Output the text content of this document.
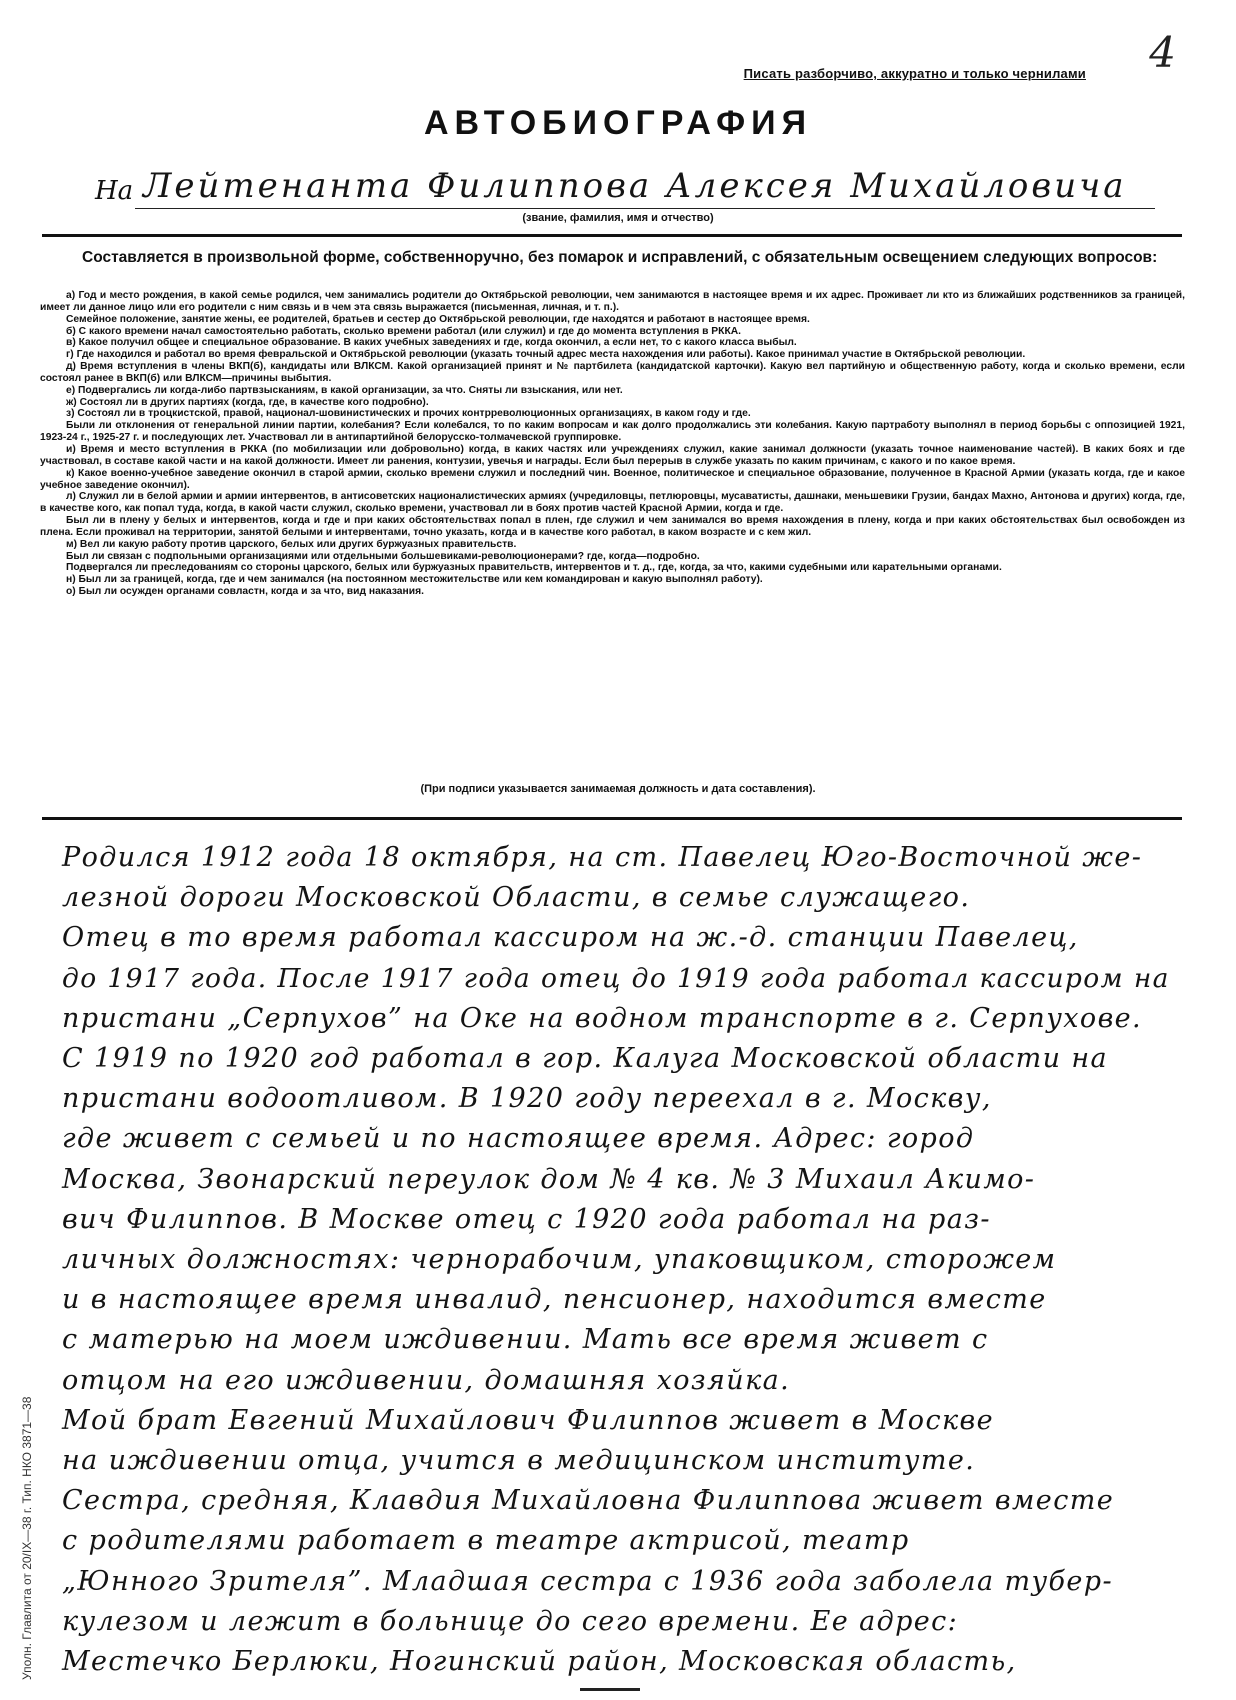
4
Писать разборчиво, аккуратно и только чернилами
АВТОБИОГРАФИЯ
На Лейтенанта Филиппова Алексея Михайловича
(звание, фамилия, имя и отчество)
Составляется в произвольной форме, собственноручно, без помарок и исправлений, с обязательным освещением следующих вопросов:

а) Год и место рождения, в какой семье родился, чем занимались родители до Октябрьской революции, чем занимаются в настоящее время и их адрес. Проживает ли кто из ближайших родственников за границей, имеет ли данное лицо или его родители с ним связь и в чем эта связь выражается (письменная, личная, и т. п.).

Семейное положение, занятие жены, ее родителей, братьев и сестер до Октябрьской революции, где находятся и работают в настоящее время.

б) С какого времени начал самостоятельно работать, сколько времени работал (или служил) и где до момента вступления в РККА.

в) Какое получил общее и специальное образование. В каких учебных заведениях и где, когда окончил, а если нет, то с какого класса выбыл.

г) Где находился и работал во время февральской и Октябрьской революции (указать точный адрес места нахождения или работы). Какое принимал участие в Октябрьской революции.

д) Время вступления в члены ВКП(б), кандидаты или ВЛКСМ. Какой организацией принят и № партбилета (кандидатской карточки). Какую вел партийную и общественную работу, когда и сколько времени, если состоял ранее в ВКП(б) или ВЛКСМ—причины выбытия.

е) Подвергались ли когда-либо партвзысканиям, в какой организации, за что. Сняты ли взыскания, или нет.

ж) Состоял ли в других партиях (когда, где, в качестве кого подробно).

з) Состоял ли в троцкистской, правой, национал-шовинистических и прочих контрреволюционных организациях, в каком году и где.

Были ли отклонения от генеральной линии партии, колебания? Если колебался, то по каким вопросам и как долго продолжались эти колебания. Какую партработу выполнял в период борьбы с оппозицией 1921, 1923-24 г., 1925-27 г. и последующих лет. Участвовал ли в антипартийной белорусско-толмачевской группировке.

и) Время и место вступления в РККА (по мобилизации или добровольно) когда, в каких частях или учреждениях служил, какие занимал должности (указать точное наименование частей). В каких боях и где участвовал, в составе какой части и на какой должности. Имеет ли ранения, контузии, увечья и награды. Если был перерыв в службе указать по каким причинам, с какого и по какое время.

к) Какое военно-учебное заведение окончил в старой армии, сколько времени служил и последний чин. Военное, политическое и специальное образование, полученное в Красной Армии (указать когда, где и какое учебное заведение окончил).

л) Служил ли в белой армии и армии интервентов, в антисоветских националистических армиях (учредиловцы, петлюровцы, мусаватисты, дашнаки, меньшевики Грузии, бандах Махно, Антонова и других) когда, где, в качестве кого, как попал туда, когда, в какой части служил, сколько времени, участвовал ли в боях против частей Красной Армии, когда и где.

Был ли в плену у белых и интервентов, когда и где и при каких обстоятельствах попал в плен, где служил и чем занимался во время нахождения в плену, когда и при каких обстоятельствах был освобожден из плена. Если проживал на территории, занятой белыми и интервентами, точно указать, когда и в качестве кого работал, в каком возрасте и с кем жил.

м) Вел ли какую работу против царского, белых или других буржуазных правительств.

Был ли связан с подпольными организациями или отдельными большевиками-революционерами? где, когда—подробно.

Подвергался ли преследованиям со стороны царского, белых или буржуазных правительств, интервентов и т. д., где, когда, за что, какими судебными или карательными органами.

н) Был ли за границей, когда, где и чем занимался (на постоянном местожительстве или кем командирован и какую выполнял работу).

о) Был ли осужден органами совластн, когда и за что, вид наказания.

(При подписи указывается занимаемая должность и дата составления).
Родился 1912 года 18 октября, на ст. Павелец Юго-Восточной же-
лезной дороги Московской Области, в семье служащего.
Отец в то время работал кассиром на ж.-д. станции Павелец,
до 1917 года. После 1917 года отец до 1919 года работал кассиром на
пристани „Серпухов” на Оке на водном транспорте в г. Серпухове.
С 1919 по 1920 год работал в гор. Калуга Московской области на
пристани водоотливом. В 1920 году переехал в г. Москву,
где живет с семьей и по настоящее время. Адрес: город
Москва, Звонарский переулок дом № 4 кв. № 3 Михаил Акимо-
вич Филиппов. В Москве отец с 1920 года работал на раз-
личных должностях: чернорабочим, упаковщиком, сторожем
и в настоящее время инвалид, пенсионер, находится вместе
с матерью на моем иждивении. Мать все время живет с
отцом на его иждивении, домашняя хозяйка.
Мой брат Евгений Михайлович Филиппов живет в Москве
на иждивении отца, учится в медицинском институте.
Сестра, средняя, Клавдия Михайловна Филиппова живет вместе
с родителями работает в театре актрисой, театр
„Юнного Зрителя”. Младшая сестра с 1936 года заболела тубер-
кулезом и лежит в больнице до сего времени. Ее адрес:
Местечко Берлюки, Ногинский район, Московская область,
Уполн. Главлита от 20/IX—38 г. Тип. НКО 3871—38
